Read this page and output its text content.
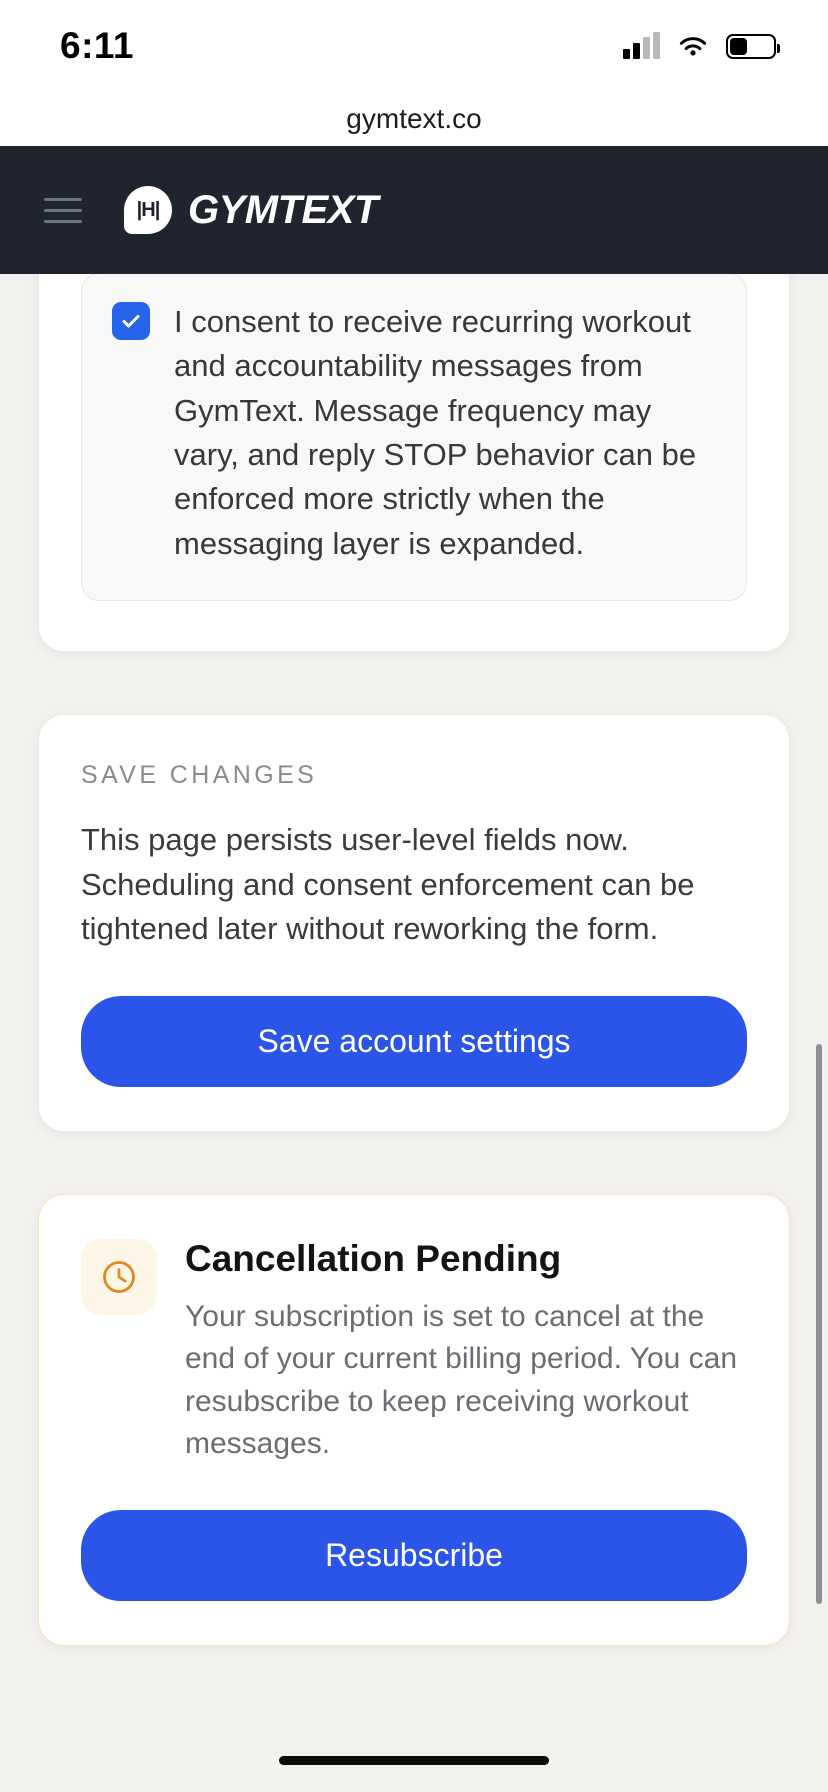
6:11
gymtext.co
|H| GYMTEXT
I consent to receive recurring workout and accountability messages from GymText. Message frequency may vary, and reply STOP behavior can be enforced more strictly when the messaging layer is expanded.
SAVE CHANGES
This page persists user-level fields now. Scheduling and consent enforcement can be tightened later without reworking the form.
Save account settings
Cancellation Pending
Your subscription is set to cancel at the end of your current billing period. You can resubscribe to keep receiving workout messages.
Resubscribe
